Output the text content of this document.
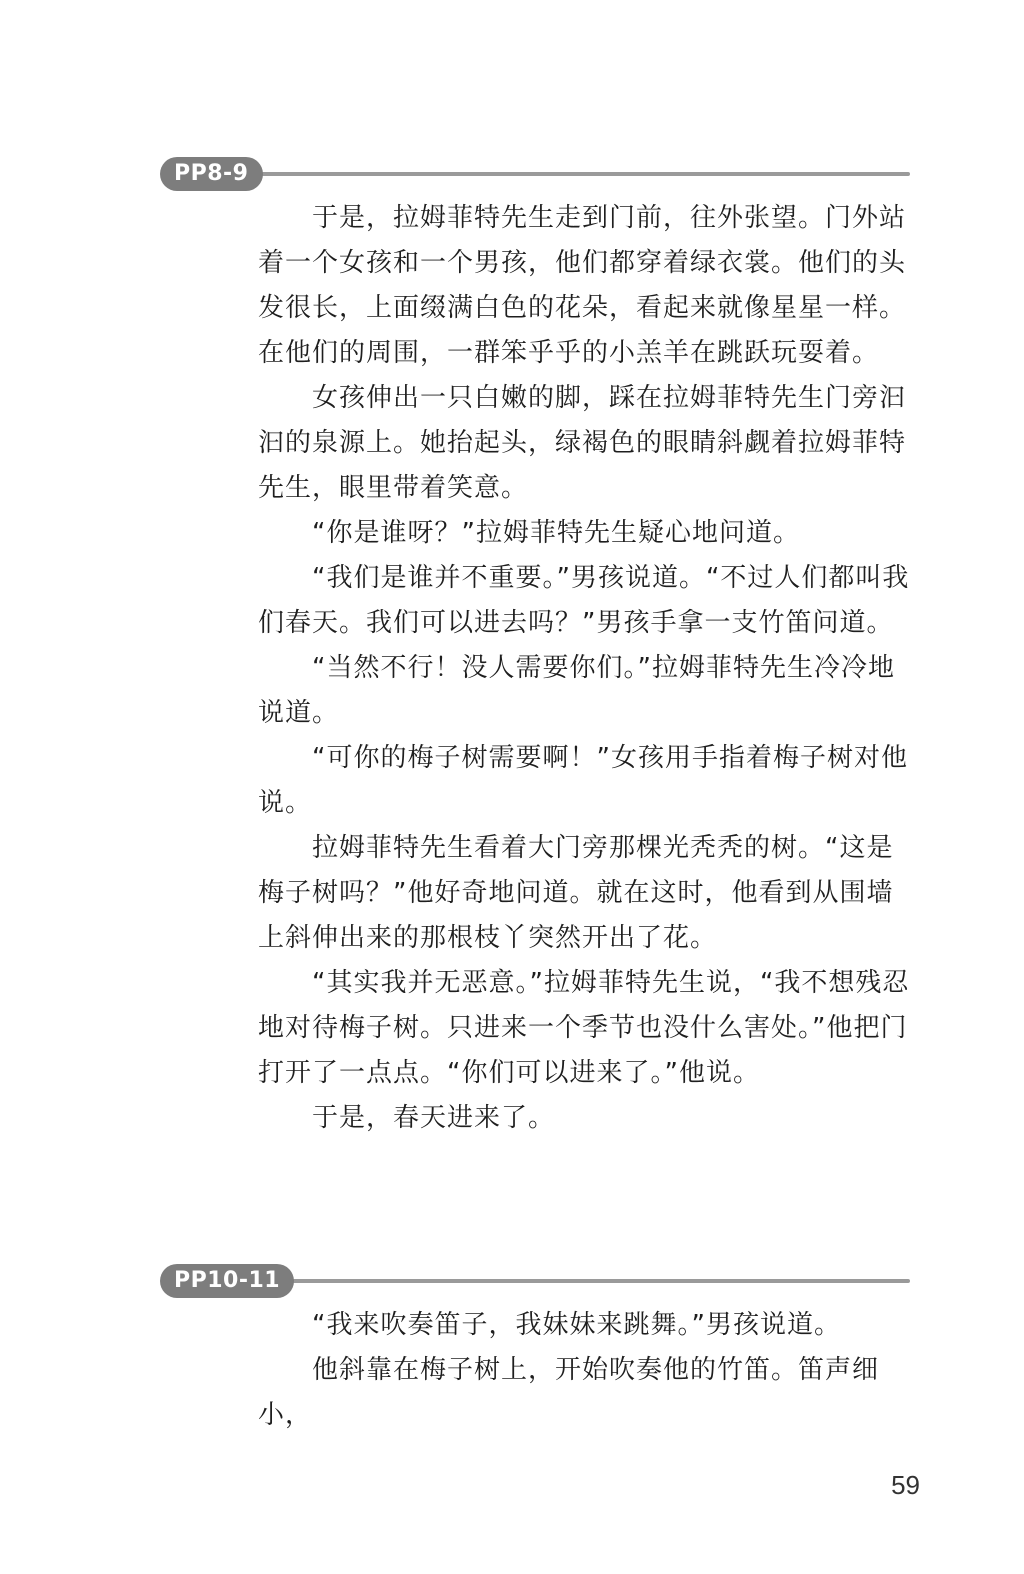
PP8-9

于是，拉姆菲特先生走到门前，往外张望。门外站着一个女孩和一个男孩，他们都穿着绿衣裳。他们的头发很长，上面缀满白色的花朵，看起来就像星星一样。在他们的周围，一群笨乎乎的小羔羊在跳跃玩耍着。

女孩伸出一只白嫩的脚，踩在拉姆菲特先生门旁汩汩的泉源上。她抬起头，绿褐色的眼睛斜觑着拉姆菲特先生，眼里带着笑意。

“你是谁呀？”拉姆菲特先生疑心地问道。

“我们是谁并不重要。”男孩说道。“不过人们都叫我们春天。我们可以进去吗？”男孩手拿一支竹笛问道。

“当然不行！没人需要你们。”拉姆菲特先生冷冷地说道。

“可你的梅子树需要啊！”女孩用手指着梅子树对他说。

拉姆菲特先生看着大门旁那棵光秃秃的树。“这是梅子树吗？”他好奇地问道。就在这时，他看到从围墙上斜伸出来的那根枝丫突然开出了花。

“其实我并无恶意。”拉姆菲特先生说，“我不想残忍地对待梅子树。只进来一个季节也没什么害处。”他把门打开了一点点。“你们可以进来了。”他说。

于是，春天进来了。

PP10-11

“我来吹奏笛子，我妹妹来跳舞。”男孩说道。

他斜靠在梅子树上，开始吹奏他的竹笛。笛声细小，

59
